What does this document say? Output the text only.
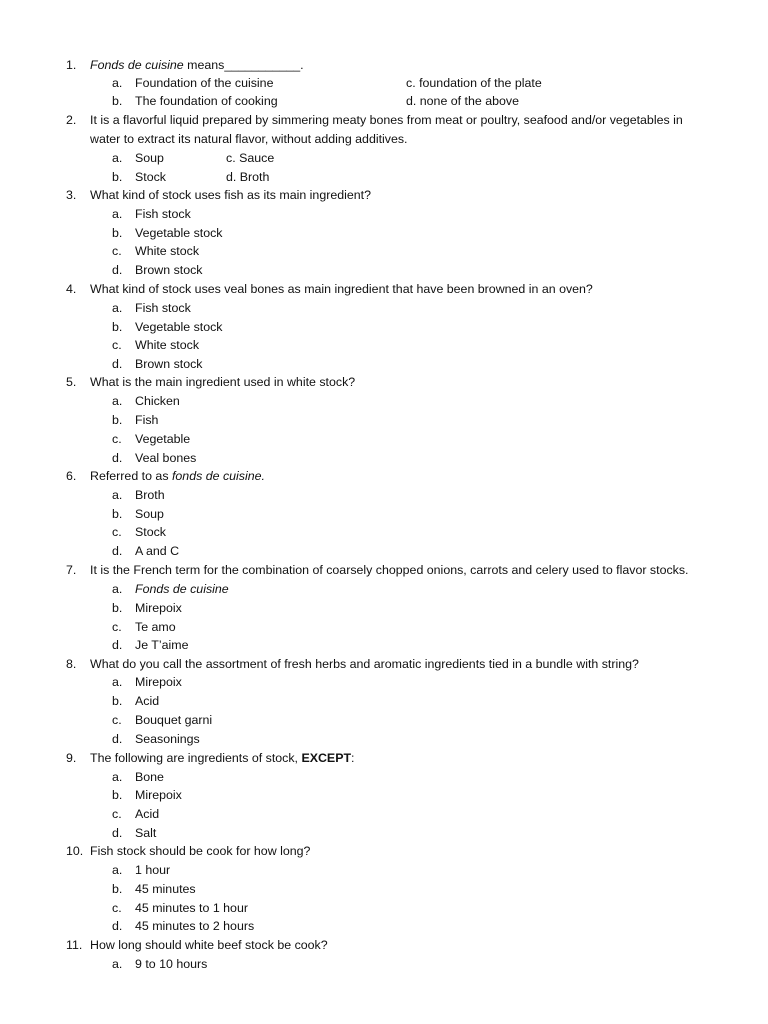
1. Fonds de cuisine means___________.
a. Foundation of the cuisine	c. foundation of the plate
b. The foundation of cooking	d. none of the above
2. It is a flavorful liquid prepared by simmering meaty bones from meat or poultry, seafood and/or vegetables in
water to extract its natural flavor, without adding additives.
a. Soup	c. Sauce
b. Stock	d. Broth
3. What kind of stock uses fish as its main ingredient?
a. Fish stock
b. Vegetable stock
c. White stock
d. Brown stock
4. What kind of stock uses veal bones as main ingredient that have been browned in an oven?
a. Fish stock
b. Vegetable stock
c. White stock
d. Brown stock
5. What is the main ingredient used in white stock?
a. Chicken
b. Fish
c. Vegetable
d. Veal bones
6. Referred to as fonds de cuisine.
a. Broth
b. Soup
c. Stock
d. A and C
7. It is the French term for the combination of coarsely chopped onions, carrots and celery used to flavor stocks.
a. Fonds de cuisine
b. Mirepoix
c. Te amo
d. Je T’aime
8. What do you call the assortment of fresh herbs and aromatic ingredients tied in a bundle with string?
a. Mirepoix
b. Acid
c. Bouquet garni
d. Seasonings
9. The following are ingredients of stock, EXCEPT:
a. Bone
b. Mirepoix
c. Acid
d. Salt
10. Fish stock should be cook for how long?
a. 1 hour
b. 45 minutes
c. 45 minutes to 1 hour
d. 45 minutes to 2 hours
11. How long should white beef stock be cook?
a. 9 to 10 hours
